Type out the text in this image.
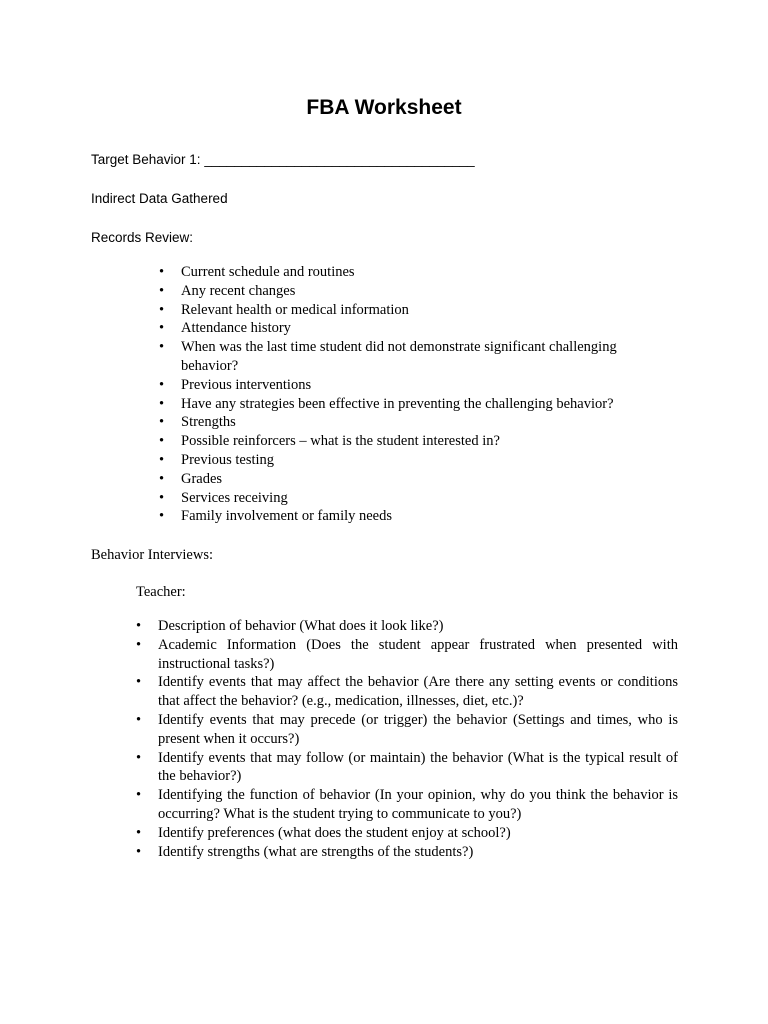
FBA Worksheet
Target Behavior 1: ____________________________________
Indirect Data Gathered
Records Review:
•	Current schedule and routines
•	Any recent changes
•	Relevant health or medical information
•	Attendance history
•	When was the last time student did not demonstrate significant challenging behavior?
•	Previous interventions
•	Have any strategies been effective in preventing the challenging behavior?
•	Strengths
•	Possible reinforcers – what is the student interested in?
•	Previous testing
•	Grades
•	Services receiving
•	Family involvement or family needs
Behavior Interviews:
Teacher:
•	Description of behavior (What does it look like?)
•	Academic Information (Does the student appear frustrated when presented with instructional tasks?)
•	Identify events that may affect the behavior (Are there any setting events or conditions that affect the behavior? (e.g., medication, illnesses, diet, etc.)?
•	Identify events that may precede (or trigger) the behavior (Settings and times, who is present when it occurs?)
•	Identify events that may follow (or maintain) the behavior (What is the typical result of the behavior?)
•	Identifying the function of behavior (In your opinion, why do you think the behavior is occurring? What is the student trying to communicate to you?)
•	Identify preferences (what does the student enjoy at school?)
•	Identify strengths (what are strengths of the students?)
